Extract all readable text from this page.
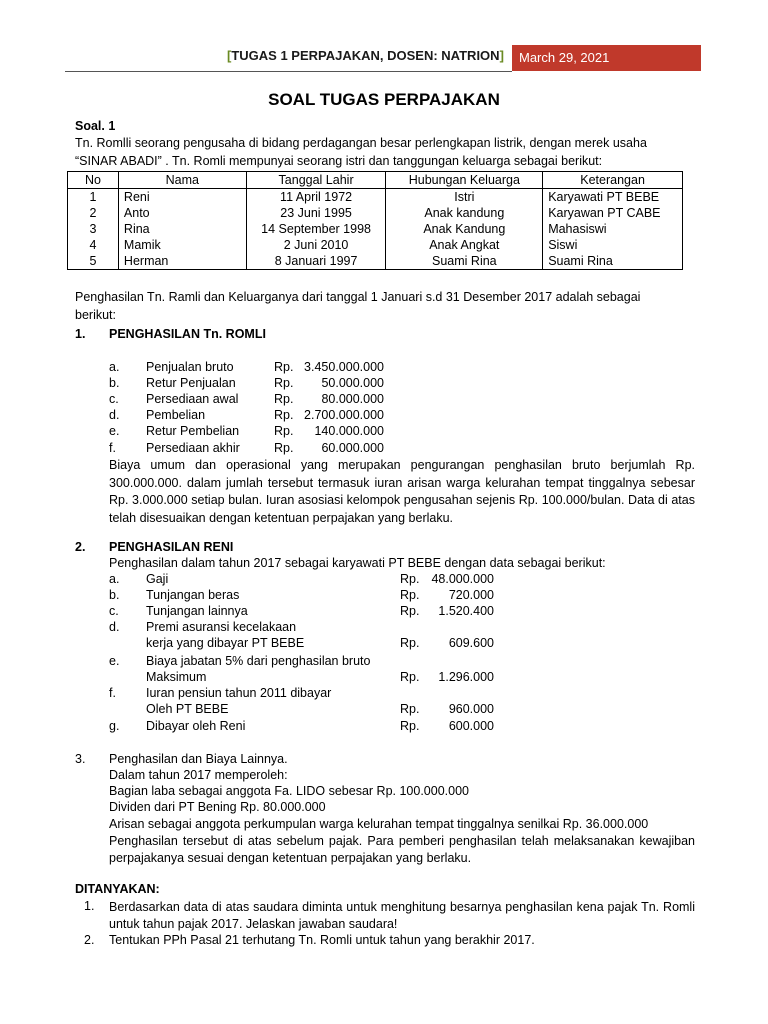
[TUGAS 1 PERPAJAKAN, DOSEN: NATRION]	March 29, 2021
SOAL TUGAS PERPAJAKAN
Soal. 1
Tn. Romlli seorang pengusaha di bidang perdagangan besar perlengkapan listrik, dengan merek usaha
“SINAR ABADI” . Tn. Romli mempunyai seorang istri dan tanggungan keluarga sebagai berikut:
No	Nama	Tanggal Lahir	Hubungan Keluarga	Keterangan
1	Reni	11 April 1972	Istri	Karyawati PT BEBE
2	Anto	23 Juni 1995	Anak kandung	Karyawan PT CABE
3	Rina	14 September 1998	Anak Kandung	Mahasiswi
4	Mamik	2 Juni 2010	Anak Angkat	Siswi
5	Herman	8 Januari 1997	Suami Rina	Suami Rina
Penghasilan Tn. Ramli dan Keluarganya dari tanggal 1 Januari s.d 31 Desember 2017 adalah sebagai
berikut:
1. PENGHASILAN Tn. ROMLI
a. Penjualan bruto	Rp. 3.450.000.000
b. Retur Penjualan	Rp.	50.000.000
c. Persediaan awal	Rp.	80.000.000
d. Pembelian	Rp. 2.700.000.000
e. Retur Pembelian	Rp.	140.000.000
f. Persediaan akhir	Rp.	60.000.000
Biaya umum dan operasional yang merupakan pengurangan penghasilan bruto berjumlah Rp. 300.000.000. dalam jumlah tersebut termasuk iuran arisan warga kelurahan tempat tinggalnya sebesar Rp. 3.000.000 setiap bulan. Iuran asosiasi kelompok pengusahan sejenis Rp. 100.000/bulan. Data di atas telah disesuaikan dengan ketentuan perpajakan yang berlaku.
2. PENGHASILAN RENI
Penghasilan dalam tahun 2017 sebagai karyawati PT BEBE dengan data sebagai berikut:
a. Gaji	Rp. 48.000.000
b. Tunjangan beras	Rp.	720.000
c. Tunjangan lainnya	Rp.	1.520.400
d. Premi asuransi kecelakaan
kerja yang dibayar PT BEBE	Rp.	609.600
e. Biaya jabatan 5% dari penghasilan bruto
Maksimum	Rp.	1.296.000
f. Iuran pensiun tahun 2011 dibayar
Oleh PT BEBE	Rp.	960.000
g. Dibayar oleh Reni	Rp.	600.000
3. Penghasilan dan Biaya Lainnya.
Dalam tahun 2017 memperoleh:
Bagian laba sebagai anggota Fa. LIDO sebesar Rp. 100.000.000
Dividen dari PT Bening Rp. 80.000.000
Arisan sebagai anggota perkumpulan warga kelurahan tempat tinggalnya senilkai Rp. 36.000.000
Penghasilan tersebut di atas sebelum pajak. Para pemberi penghasilan telah melaksanakan kewajiban perpajakanya sesuai dengan ketentuan perpajakan yang berlaku.
DITANYAKAN:
1. Berdasarkan data di atas saudara diminta untuk menghitung besarnya penghasilan kena pajak Tn. Romli untuk tahun pajak 2017. Jelaskan jawaban saudara!
2. Tentukan PPh Pasal 21 terhutang Tn. Romli untuk tahun yang berakhir 2017.
